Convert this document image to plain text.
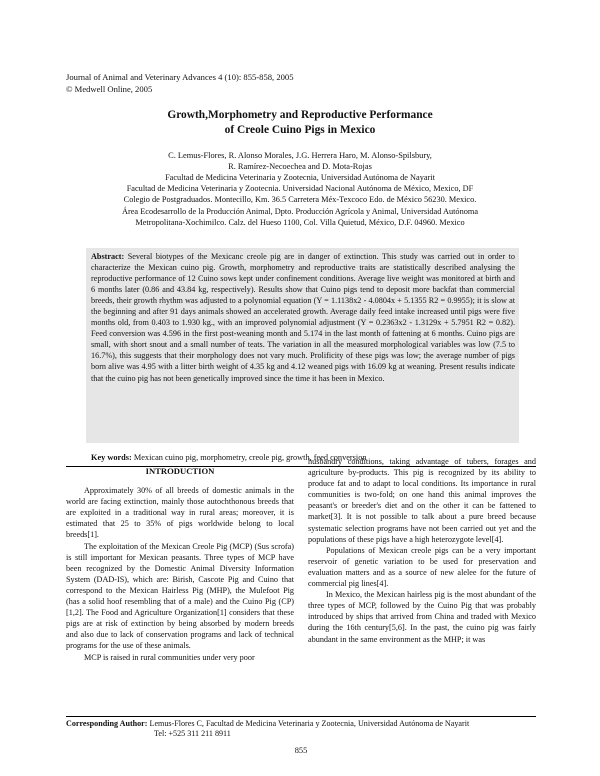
Journal of Animal and Veterinary Advances 4 (10): 855-858, 2005
© Medwell Online, 2005
Growth,Morphometry and Reproductive Performance
of Creole Cuino Pigs in Mexico
C. Lemus-Flores, R. Alonso Morales, J.G. Herrera Haro, M. Alonso-Spilsbury,
R. Ramírez-Necoechea and D. Mota-Rojas
Facultad de Medicina Veterinaria y Zootecnia, Universidad Autónoma de Nayarit
Facultad de Medicina Veterinaria y Zootecnia. Universidad Nacional Autónoma de México, Mexico, DF
Colegio de Postgraduados. Montecillo, Km. 36.5 Carretera Méx-Texcoco Edo. de México 56230. Mexico.
Área Ecodesarrollo de la Producción Animal, Dpto. Producción Agrícola y Animal, Universidad Autónoma
Metropolitana-Xochimilco. Calz. del Hueso 1100, Col. Villa Quietud, México, D.F. 04960. Mexico
Abstract: Several biotypes of the Mexicanc creole pig are in danger of extinction. This study was carried out in order to characterize the Mexican cuino pig. Growth, morphometry and reproductive traits are statistically described analysing the reproductive performance of 12 Cuino sows kept under confinement conditions. Average live weight was monitored at birth and 6 months later (0.86 and 43.84 kg, respectively). Results show that Cuino pigs tend to deposit more backfat than commercial breeds, their growth rhythm was adjusted to a polynomial equation (Y = 1.1138x2 - 4.0804x + 5.1355 R2 = 0.9955); it is slow at the beginning and after 91 days animals showed an accelerated growth. Average daily feed intake increased until pigs were five months old, from 0.403 to 1.930 kg., with an improved polynomial adjustment (Y = 0.2363x2 - 1.3129x + 5.7951 R2 = 0.82). Feed conversion was 4.596 in the first post-weaning month and 5.174 in the last month of fattening at 6 months. Cuino pigs are small, with short snout and a small number of teats. The variation in all the measured morphological variables was low (7.5 to 16.7%), this suggests that their morphology does not vary much. Prolificity of these pigs was low; the average number of pigs born alive was 4.95 with a litter birth weight of 4.35 kg and 4.12 weaned pigs with 16.09 kg at weaning. Present results indicate that the cuino pig has not been genetically improved since the time it has been in Mexico.
Key words: Mexican cuino pig, morphometry, creole pig, growth, feed conversion

INTRODUCTION

Approximately 30% of all breeds of domestic animals in the world are facing extinction, mainly those autochthonous breeds that are exploited in a traditional way in rural areas; moreover, it is estimated that 25 to 35% of pigs worldwide belong to local breeds[1].

The exploitation of the Mexican Creole Pig (MCP) (Sus scrofa) is still important for Mexican peasants. Three types of MCP have been recognized by the Domestic Animal Diversity Information System (DAD-IS), which are: Birish, Cascote Pig and Cuino that correspond to the Mexican Hairless Pig (MHP), the Mulefoot Pig (has a solid hoof resembling that of a male) and the Cuino Pig (CP)[1,2]. The Food and Agriculture Organization[1] considers that these pigs are at risk of extinction by being absorbed by modern breeds and also due to lack of conservation programs and lack of technical programs for the use of these animals.

MCP is raised in rural communities under very poor

husbandry conditions, taking advantage of tubers, forages and agriculture by-products. This pig is recognized by its ability to produce fat and to adapt to local conditions. Its importance in rural communities is two-fold; on one hand this animal improves the peasant's or breeder's diet and on the other it can be fattened to market[3]. It is not possible to talk about a pure breed because systematic selection programs have not been carried out yet and the populations of these pigs have a high heterozygote level[4].

Populations of Mexican creole pigs can be a very important reservoir of genetic variation to be used for preservation and evaluation matters and as a source of new alelee for the future of commercial pig lines[4].

In Mexico, the Mexican hairless pig is the most abundant of the three types of MCP, followed by the Cuino Pig that was probably introduced by ships that arrived from China and traded with Mexico during the 16th century[5,6]. In the past, the cuino pig was fairly abundant in the same environment as the MHP; it was

Corresponding Author: Lemus-Flores C, Facultad de Medicina Veterinaria y Zootecnia, Universidad Autónoma de Nayarit
Tel: +525 311 211 8911
855
